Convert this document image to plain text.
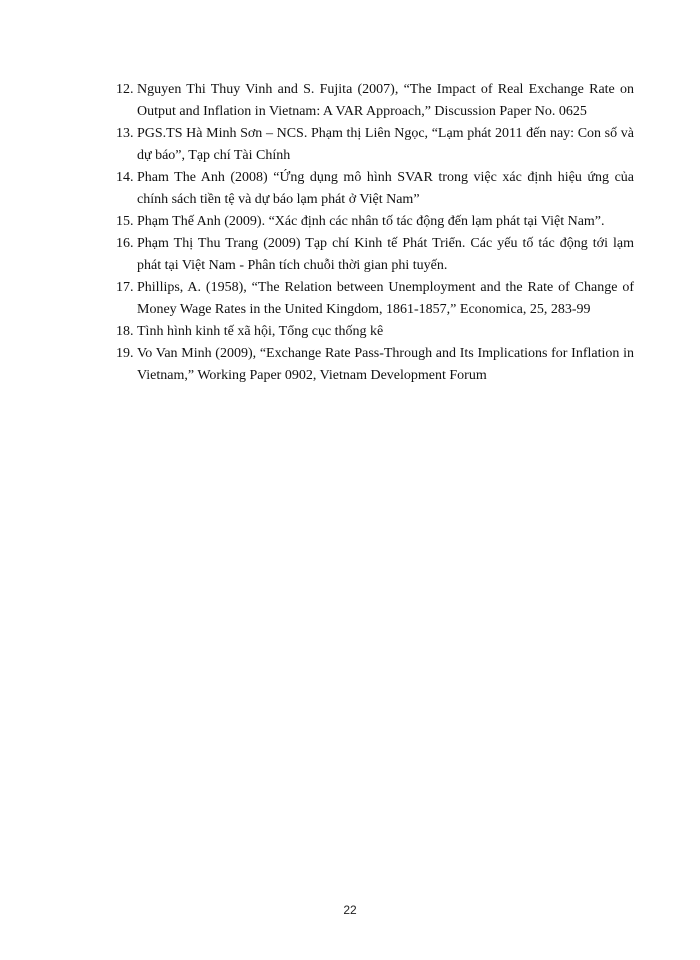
12. Nguyen Thi Thuy Vinh and S. Fujita (2007), “The Impact of Real Exchange Rate on Output and Inflation in Vietnam: A VAR Approach,” Discussion Paper No. 0625
13. PGS.TS Hà Minh Sơn – NCS. Phạm thị Liên Ngọc, “Lạm phát 2011 đến nay: Con số và dự báo”, Tạp chí Tài Chính
14. Pham The Anh (2008) “Ứng dụng mô hình SVAR trong việc xác định hiệu ứng của chính sách tiền tệ và dự báo lạm phát ở Việt Nam”
15. Phạm Thế Anh (2009). “Xác định các nhân tố tác động đến lạm phát tại Việt Nam”.
16. Phạm Thị Thu Trang (2009) Tạp chí Kinh tế Phát Triển. Các yếu tố tác động tới lạm phát tại Việt Nam - Phân tích chuỗi thời gian phi tuyến.
17. Phillips, A. (1958), “The Relation between Unemployment and the Rate of Change of Money Wage Rates in the United Kingdom, 1861-1857,” Economica, 25, 283-99
18. Tình hình kinh tế xã hội, Tổng cục thống kê
19. Vo Van Minh (2009), “Exchange Rate Pass-Through and Its Implications for Inflation in Vietnam,” Working Paper 0902, Vietnam Development Forum
22
